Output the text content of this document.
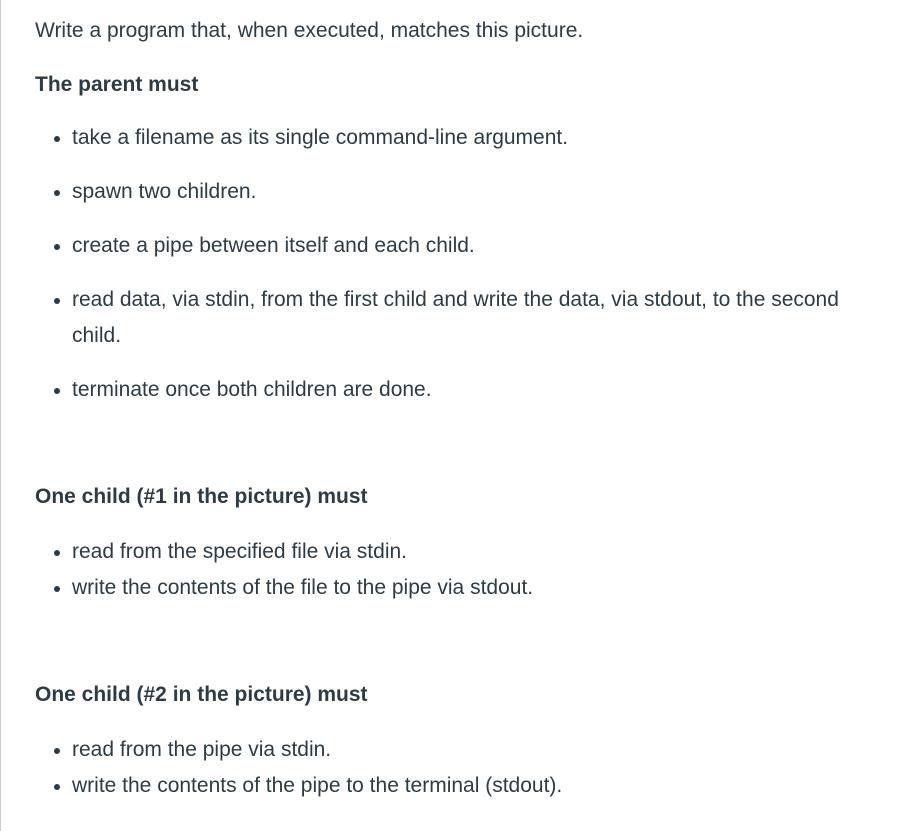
Write a program that, when executed, matches this picture.

The parent must
take a filename as its single command-line argument.
spawn two children.
create a pipe between itself and each child.
read data, via stdin, from the first child and write the data, via stdout, to the second child.
terminate once both children are done.
One child (#1 in the picture) must
read from the specified file via stdin.
write the contents of the file to the pipe via stdout.
One child (#2 in the picture) must
read from the pipe via stdin.
write the contents of the pipe to the terminal (stdout).
